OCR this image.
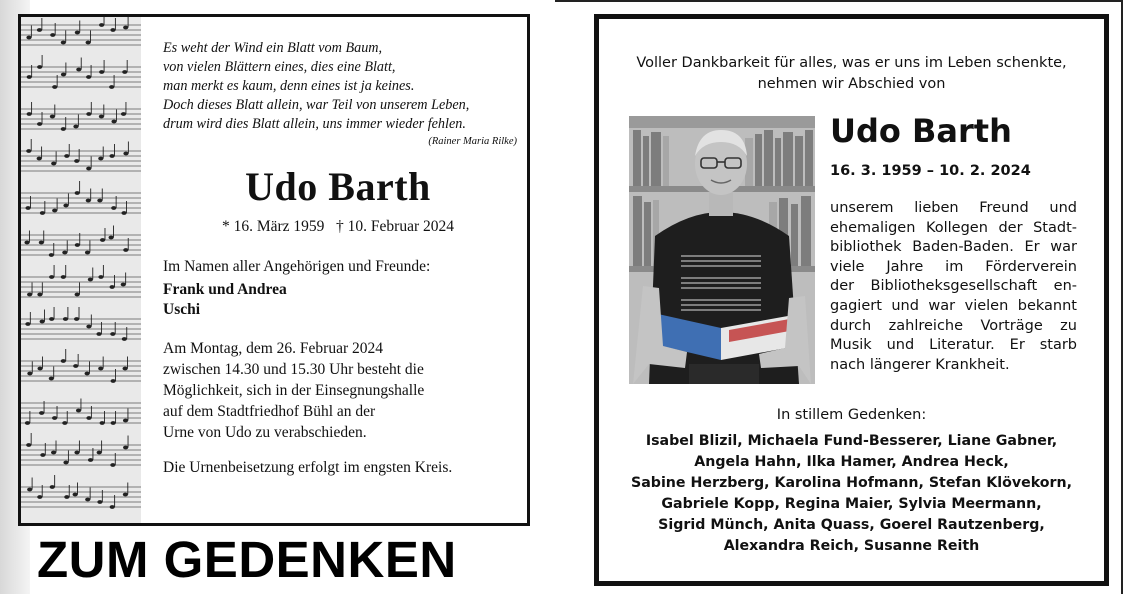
Es weht der Wind ein Blatt vom Baum,
von vielen Blättern eines, dies eine Blatt,
man merkt es kaum, denn eines ist ja keines.
Doch dieses Blatt allein, war Teil von unserem Leben,
drum wird dies Blatt allein, uns immer wieder fehlen.
(Rainer Maria Rilke)
Udo Barth
* 16. März 1959   † 10. Februar 2024
Im Namen aller Angehörigen und Freunde:
Frank und Andrea
Uschi
Am Montag, dem 26. Februar 2024
zwischen 14.30 und 15.30 Uhr besteht die
Möglichkeit, sich in der Einsegnungshalle
auf dem Stadtfriedhof Bühl an der
Urne von Udo zu verabschieden.
Die Urnenbeisetzung erfolgt im engsten Kreis.
ZUM GEDENKEN
Voller Dankbarkeit für alles, was er uns im Leben schenkte,
nehmen wir Abschied von
Udo Barth
16. 3. 1959 – 10. 2. 2024
unserem lieben Freund und
ehemaligen Kollegen der Stadt-
bibliothek Baden-Baden. Er war
viele Jahre im Förderverein
der Bibliotheksgesellschaft en-
gagiert und war vielen bekannt
durch zahlreiche Vorträge zu
Musik und Literatur. Er starb
nach längerer Krankheit.
In stillem Gedenken:
Isabel Blizil, Michaela Fund-Besserer, Liane Gabner,
Angela Hahn, Ilka Hamer, Andrea Heck,
Sabine Herzberg, Karolina Hofmann, Stefan Klövekorn,
Gabriele Kopp, Regina Maier, Sylvia Meermann,
Sigrid Münch, Anita Quass, Goerel Rautzenberg,
Alexandra Reich, Susanne Reith
